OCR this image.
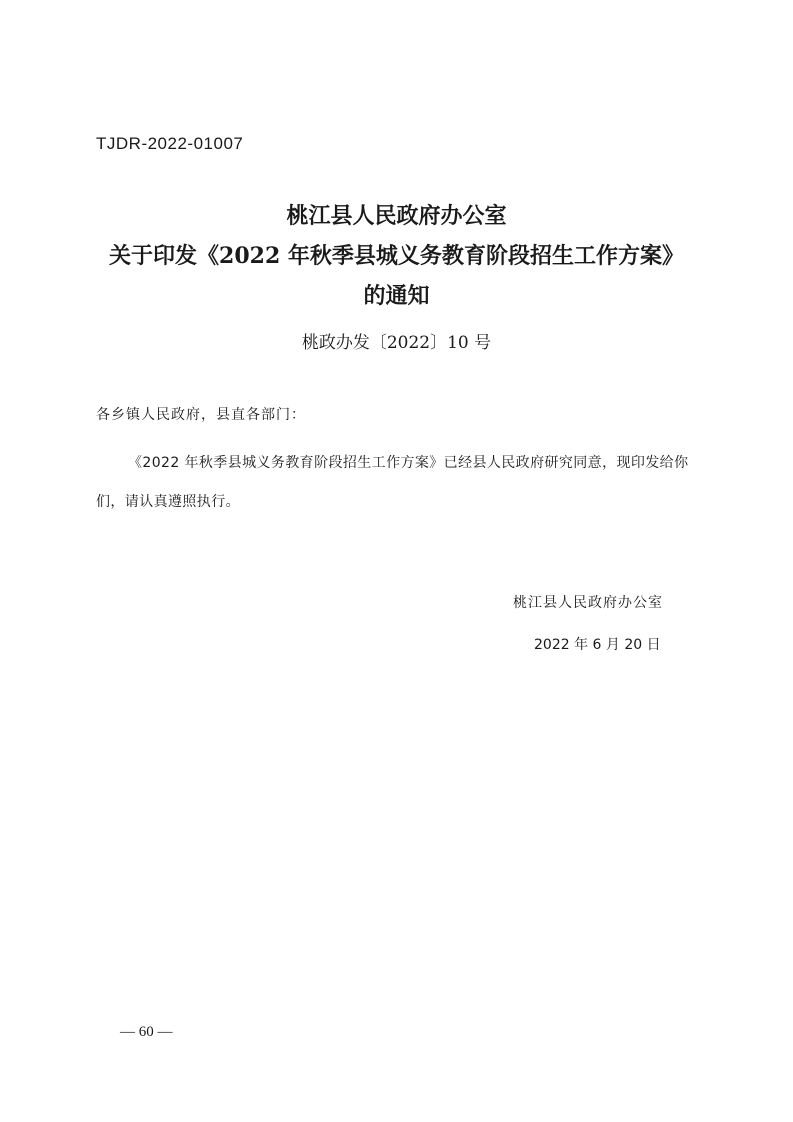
TJDR-2022-01007
桃江县人民政府办公室
关于印发《2022 年秋季县城义务教育阶段招生工作方案》
的通知
桃政办发〔2022〕10 号
各乡镇人民政府，县直各部门：
《2022 年秋季县城义务教育阶段招生工作方案》已经县人民政府研究同意，现印发给你们，请认真遵照执行。
桃江县人民政府办公室
2022 年 6 月 20 日
— 60 —
